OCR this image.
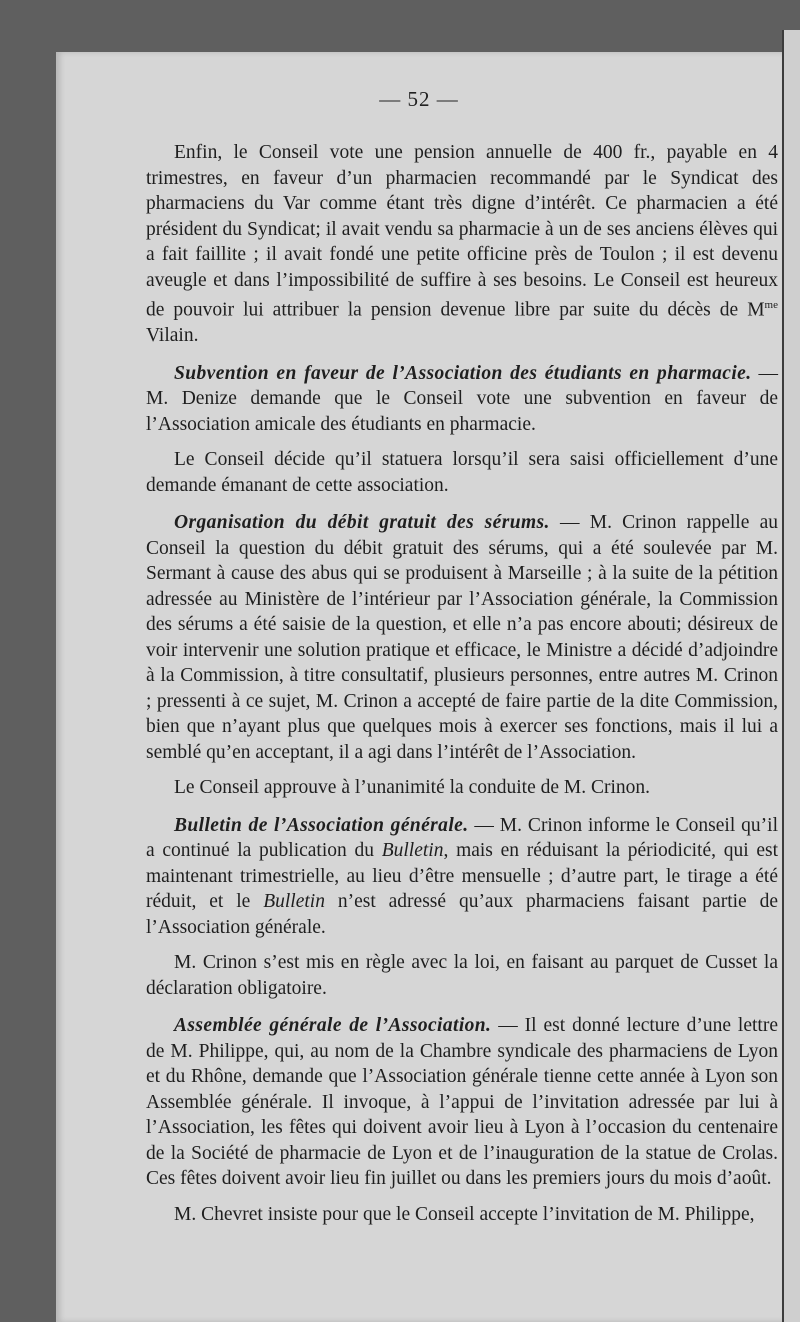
— 52 —

Enfin, le Conseil vote une pension annuelle de 400 fr., payable en 4 trimestres, en faveur d’un pharmacien recommandé par le Syndicat des pharmaciens du Var comme étant très digne d’intérêt. Ce pharmacien a été président du Syndicat; il avait vendu sa pharmacie à un de ses anciens élèves qui a fait faillite ; il avait fondé une petite officine près de Toulon ; il est devenu aveugle et dans l’impossibilité de suffire à ses besoins. Le Conseil est heureux de pouvoir lui attribuer la pension devenue libre par suite du décès de $M^{me}$ Vilain.

Subvention en faveur de l’Association des étudiants en pharmacie. — M. Denize demande que le Conseil vote une subvention en faveur de l’Association amicale des étudiants en pharmacie.

Le Conseil décide qu’il statuera lorsqu’il sera saisi officiellement d’une demande émanant de cette association.

Organisation du débit gratuit des sérums. — M. Crinon rappelle au Conseil la question du débit gratuit des sérums, qui a été soulevée par M. Sermant à cause des abus qui se produisent à Marseille ; à la suite de la pétition adressée au Ministère de l’intérieur par l’Association générale, la Commission des sérums a été saisie de la question, et elle n’a pas encore abouti; désireux de voir intervenir une solution pratique et efficace, le Ministre a décidé d’adjoindre à la Commission, à titre consultatif, plusieurs personnes, entre autres M. Crinon ; pressenti à ce sujet, M. Crinon a accepté de faire partie de la dite Commission, bien que n’ayant plus que quelques mois à exercer ses fonctions, mais il lui a semblé qu’en acceptant, il a agi dans l’intérêt de l’Association.

Le Conseil approuve à l’unanimité la conduite de M. Crinon.

Bulletin de l’Association générale. — M. Crinon informe le Conseil qu’il a continué la publication du Bulletin, mais en réduisant la périodicité, qui est maintenant trimestrielle, au lieu d’être mensuelle ; d’autre part, le tirage a été réduit, et le Bulletin n’est adressé qu’aux pharmaciens faisant partie de l’Association générale.

M. Crinon s’est mis en règle avec la loi, en faisant au parquet de Cusset la déclaration obligatoire.

Assemblée générale de l’Association. — Il est donné lecture d’une lettre de M. Philippe, qui, au nom de la Chambre syndicale des pharmaciens de Lyon et du Rhône, demande que l’Association générale tienne cette année à Lyon son Assemblée générale. Il invoque, à l’appui de l’invitation adressée par lui à l’Association, les fêtes qui doivent avoir lieu à Lyon à l’occasion du centenaire de la Société de pharmacie de Lyon et de l’inauguration de la statue de Crolas. Ces fêtes doivent avoir lieu fin juillet ou dans les premiers jours du mois d’août.

M. Chevret insiste pour que le Conseil accepte l’invitation de M. Philippe,
